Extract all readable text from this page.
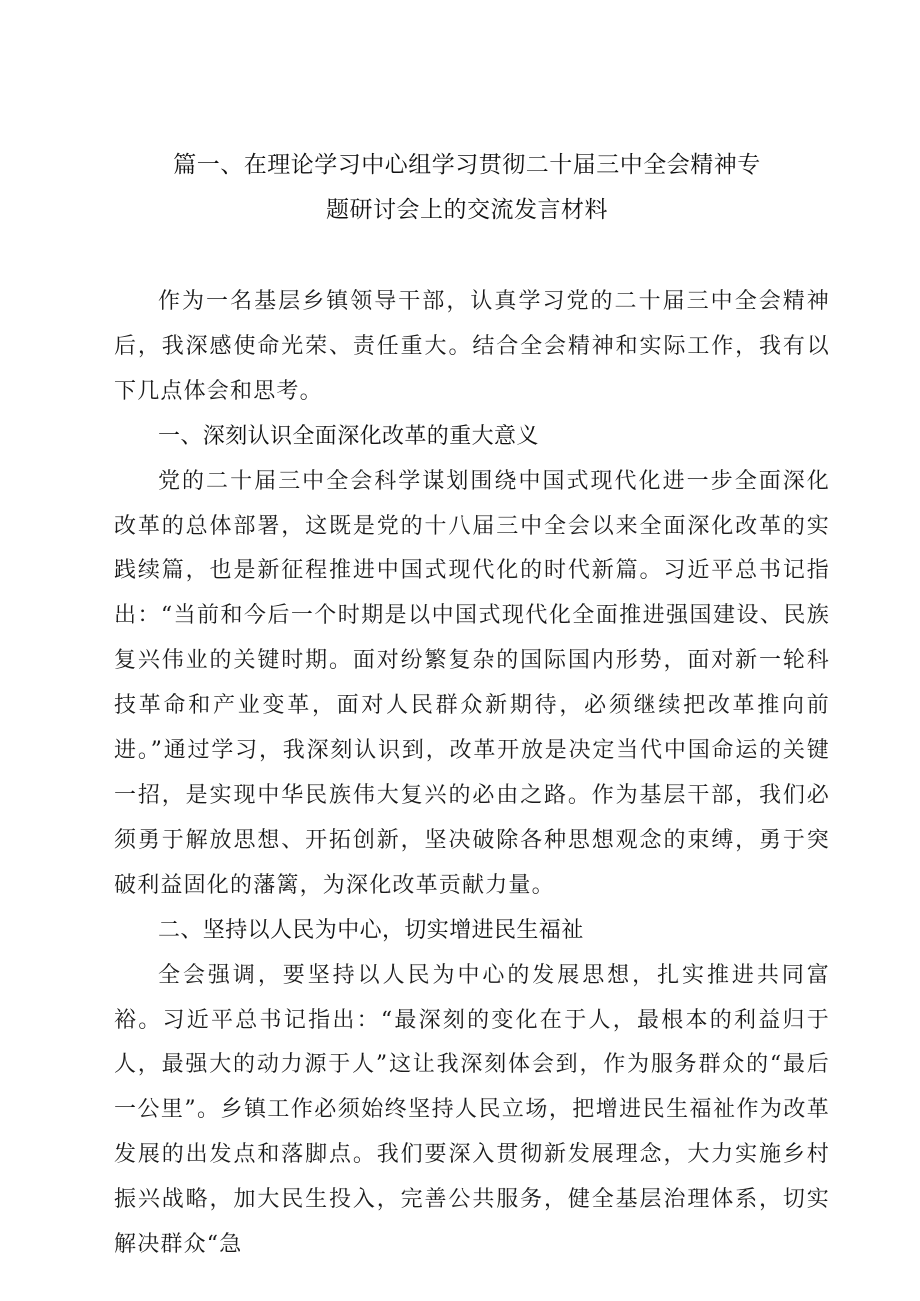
篇一、在理论学习中心组学习贯彻二十届三中全会精神专
题研讨会上的交流发言材料

作为一名基层乡镇领导干部，认真学习党的二十届三中全会精神后，我深感使命光荣、责任重大。结合全会精神和实际工作，我有以下几点体会和思考。

一、深刻认识全面深化改革的重大意义

党的二十届三中全会科学谋划围绕中国式现代化进一步全面深化改革的总体部署，这既是党的十八届三中全会以来全面深化改革的实践续篇，也是新征程推进中国式现代化的时代新篇。习近平总书记指出：“当前和今后一个时期是以中国式现代化全面推进强国建设、民族复兴伟业的关键时期。面对纷繁复杂的国际国内形势，面对新一轮科技革命和产业变革，面对人民群众新期待，必须继续把改革推向前进。”通过学习，我深刻认识到，改革开放是决定当代中国命运的关键一招，是实现中华民族伟大复兴的必由之路。作为基层干部，我们必须勇于解放思想、开拓创新，坚决破除各种思想观念的束缚，勇于突破利益固化的藩篱，为深化改革贡献力量。

二、坚持以人民为中心，切实增进民生福祉

全会强调，要坚持以人民为中心的发展思想，扎实推进共同富裕。习近平总书记指出：“最深刻的变化在于人，最根本的利益归于人，最强大的动力源于人”这让我深刻体会到，作为服务群众的“最后一公里”。乡镇工作必须始终坚持人民立场，把增进民生福祉作为改革发展的出发点和落脚点。我们要深入贯彻新发展理念，大力实施乡村振兴战略，加大民生投入，完善公共服务，健全基层治理体系，切实解决群众“急
